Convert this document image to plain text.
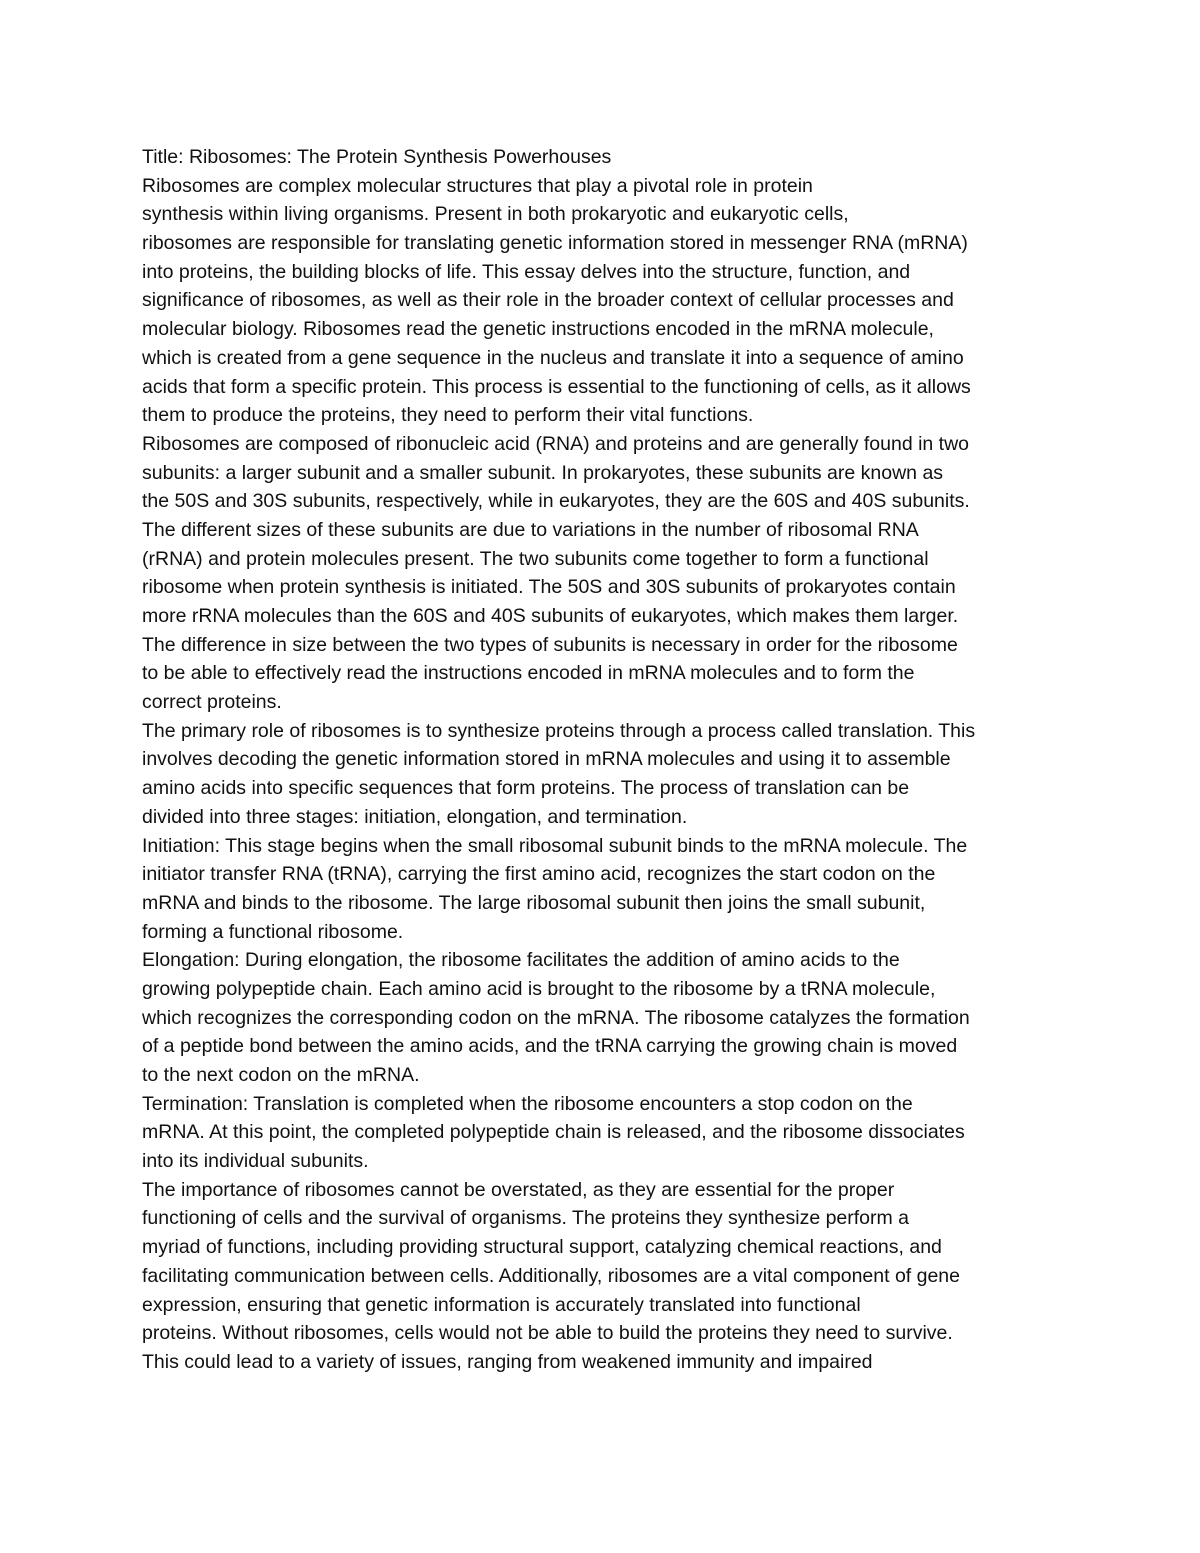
Title: Ribosomes: The Protein Synthesis Powerhouses
Ribosomes are complex molecular structures that play a pivotal role in protein
synthesis within living organisms. Present in both prokaryotic and eukaryotic cells,
ribosomes are responsible for translating genetic information stored in messenger RNA (mRNA)
into proteins, the building blocks of life. This essay delves into the structure, function, and
significance of ribosomes, as well as their role in the broader context of cellular processes and
molecular biology. Ribosomes read the genetic instructions encoded in the mRNA molecule,
which is created from a gene sequence in the nucleus and translate it into a sequence of amino
acids that form a specific protein. This process is essential to the functioning of cells, as it allows
them to produce the proteins, they need to perform their vital functions.
Ribosomes are composed of ribonucleic acid (RNA) and proteins and are generally found in two
subunits: a larger subunit and a smaller subunit. In prokaryotes, these subunits are known as
the 50S and 30S subunits, respectively, while in eukaryotes, they are the 60S and 40S subunits.
The different sizes of these subunits are due to variations in the number of ribosomal RNA
(rRNA) and protein molecules present. The two subunits come together to form a functional
ribosome when protein synthesis is initiated. The 50S and 30S subunits of prokaryotes contain
more rRNA molecules than the 60S and 40S subunits of eukaryotes, which makes them larger.
The difference in size between the two types of subunits is necessary in order for the ribosome
to be able to effectively read the instructions encoded in mRNA molecules and to form the
correct proteins.
The primary role of ribosomes is to synthesize proteins through a process called translation. This
involves decoding the genetic information stored in mRNA molecules and using it to assemble
amino acids into specific sequences that form proteins. The process of translation can be
divided into three stages: initiation, elongation, and termination.
Initiation: This stage begins when the small ribosomal subunit binds to the mRNA molecule. The
initiator transfer RNA (tRNA), carrying the first amino acid, recognizes the start codon on the
mRNA and binds to the ribosome. The large ribosomal subunit then joins the small subunit,
forming a functional ribosome.
Elongation: During elongation, the ribosome facilitates the addition of amino acids to the
growing polypeptide chain. Each amino acid is brought to the ribosome by a tRNA molecule,
which recognizes the corresponding codon on the mRNA. The ribosome catalyzes the formation
of a peptide bond between the amino acids, and the tRNA carrying the growing chain is moved
to the next codon on the mRNA.
Termination: Translation is completed when the ribosome encounters a stop codon on the
mRNA. At this point, the completed polypeptide chain is released, and the ribosome dissociates
into its individual subunits.
The importance of ribosomes cannot be overstated, as they are essential for the proper
functioning of cells and the survival of organisms. The proteins they synthesize perform a
myriad of functions, including providing structural support, catalyzing chemical reactions, and
facilitating communication between cells. Additionally, ribosomes are a vital component of gene
expression, ensuring that genetic information is accurately translated into functional
proteins. Without ribosomes, cells would not be able to build the proteins they need to survive.
This could lead to a variety of issues, ranging from weakened immunity and impaired
